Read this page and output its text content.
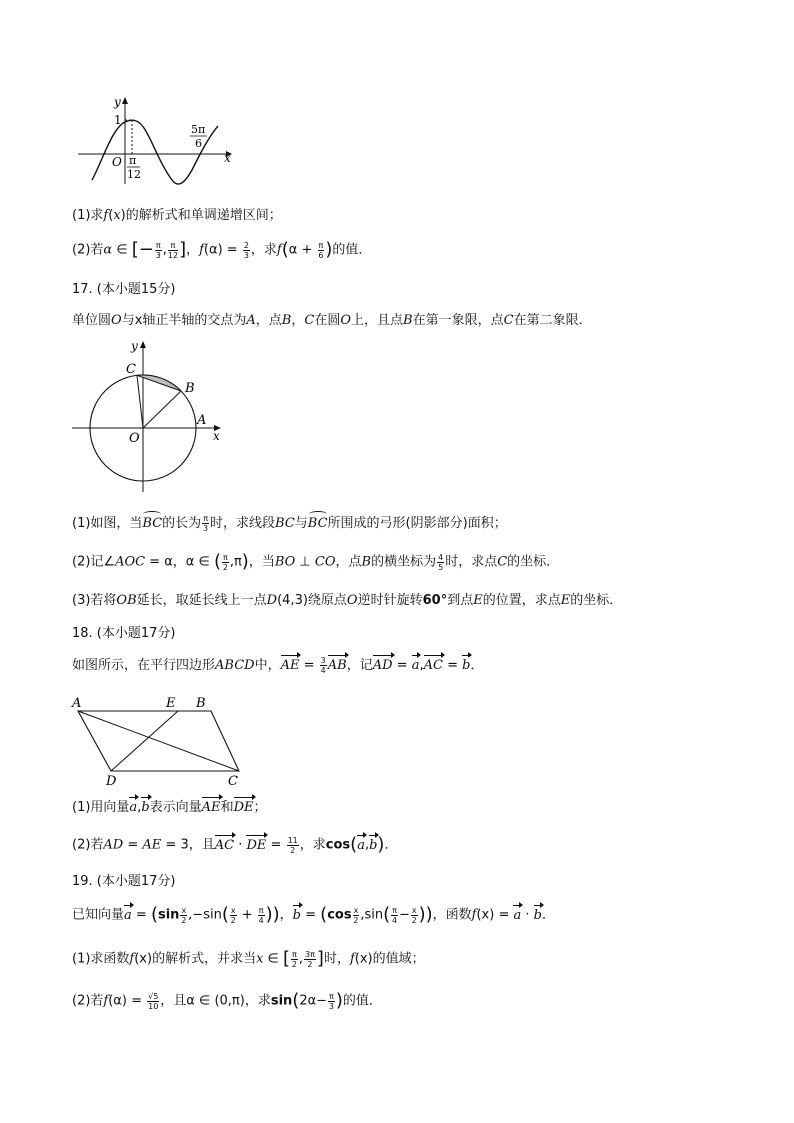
y
x
1
O π
12
5π
6
(1)求f(x)的解析式和单调递增区间；
(2)若α ∈ [− $\frac{\pi}{3}$ , $\frac{\pi}{12}$ ]，$f(\alpha) = \frac{2}{3}$ ，求$f(\alpha + \frac{\pi}{6}$ )的值．
17. (本小题15分)
单位圆O与x轴正半轴的交点为A，点B，C在圆O上，且点B在第一象限，点C在第二象限．
y
x
O
A
B
C
(1)如图，当BC的长为 $\frac{\pi}{3}$ 时，求线段BC与BC所围成的弓形(阴影部分)面积；
(2)记∠AOC = α，α ∈ ( $\frac{\pi}{2} ,\pi$)，当BO ⊥ CO，点B的横坐标为 $\frac{4}{5}$ 时，求点C的坐标．
(3)若将OB延长，取延长线上一点D(4,3)绕原点O逆时针旋转60°到点E的位置，求点E的坐标．
18. (本小题17分)
如图所示，在平行四边形ABCD中，AE = $\frac{3}{4}$ AB，记AD = a,AC = b．
A	E B
D	C
(1)用向量a,b表示向量AE和DE；
(2)若AD = AE = 3，且AC · DE = $\frac{11}{2}$ ，求cos(a,b)．
19. (本小题17分)
已知向量$a = (\sin \frac{x}{2} ,-\sin( \frac{x}{2} + \frac{\pi}{4}$ ))，$b = (\cos \frac{x}{2} ,\sin( \frac{\pi}{4} - \frac{x}{2}$ ))，函数f(x) = a · b．
(1)求函数f(x)的解析式，并求当x ∈ [ $\frac{\pi}{2}$ , $\frac{3\pi}{2}$ ]时，f(x)的值域；
(2)若$f(\alpha) = \frac{√5}{10}$ ，且α ∈ (0,π)，求$\sin(2\alpha- \frac{\pi}{3}$ )的值．
